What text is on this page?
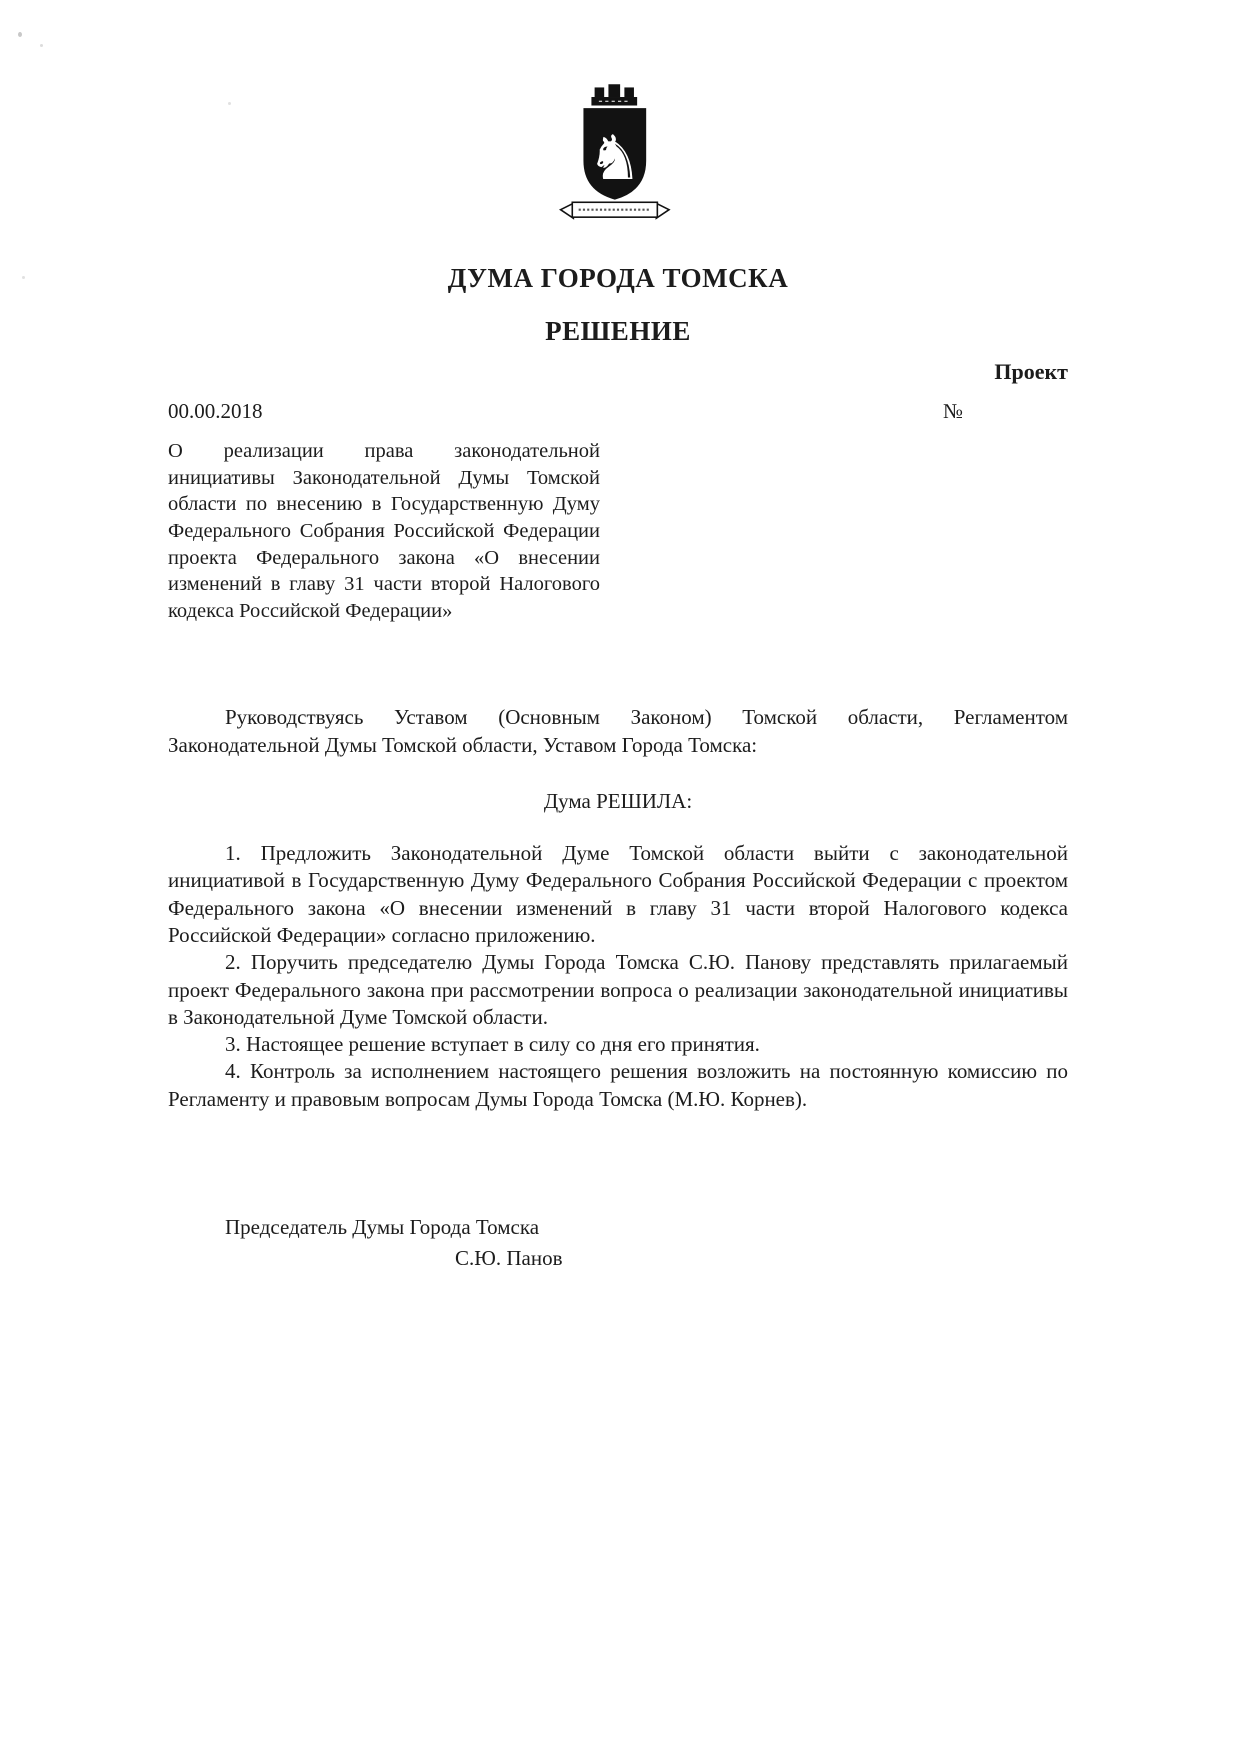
♞
ДУМА ГОРОДА ТОМСКА
РЕШЕНИЕ
Проект
00.00.2018	№
О реализации права законодательной инициативы Законодательной Думы Томской области по внесению в Государственную Думу Федерального Собрания Российской Федерации проекта Федерального закона «О внесении изменений в главу 31 части второй Налогового кодекса Российской Федерации»

Руководствуясь Уставом (Основным Законом) Томской области, Регламентом Законодательной Думы Томской области, Уставом Города Томска:

Дума РЕШИЛА:

1. Предложить Законодательной Думе Томской области выйти с законодательной инициативой в Государственную Думу Федерального Собрания Российской Федерации с проектом Федерального закона «О внесении изменений в главу 31 части второй Налогового кодекса Российской Федерации» согласно приложению.

2. Поручить председателю Думы Города Томска С.Ю. Панову представлять прилагаемый проект Федерального закона при рассмотрении вопроса о реализации законодательной инициативы в Законодательной Думе Томской области.

3. Настоящее решение вступает в силу со дня его принятия.

4. Контроль за исполнением настоящего решения возложить на постоянную комиссию по Регламенту и правовым вопросам Думы Города Томска (М.Ю. Корнев).

Председатель Думы Города Томска
С.Ю. Панов
